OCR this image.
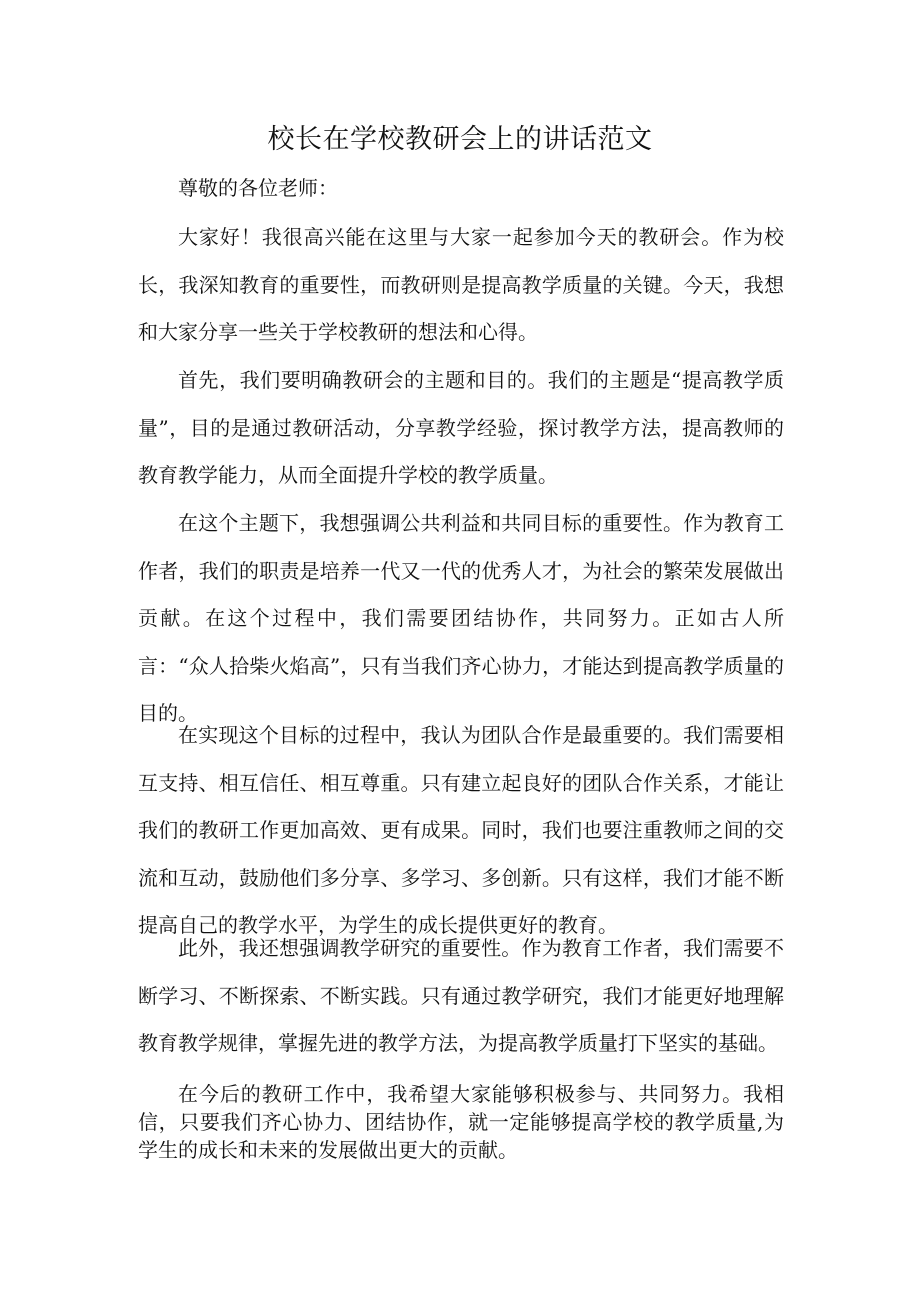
校长在学校教研会上的讲话范文

尊敬的各位老师：

大家好！我很高兴能在这里与大家一起参加今天的教研会。作为校长，我深知教育的重要性，而教研则是提高教学质量的关键。今天，我想和大家分享一些关于学校教研的想法和心得。

首先，我们要明确教研会的主题和目的。我们的主题是“提高教学质量”，目的是通过教研活动，分享教学经验，探讨教学方法，提高教师的教育教学能力，从而全面提升学校的教学质量。

在这个主题下，我想强调公共利益和共同目标的重要性。作为教育工作者，我们的职责是培养一代又一代的优秀人才，为社会的繁荣发展做出贡献。在这个过程中，我们需要团结协作，共同努力。正如古人所言：“众人拾柴火焰高”，只有当我们齐心协力，才能达到提高教学质量的目的。

在实现这个目标的过程中，我认为团队合作是最重要的。我们需要相互支持、相互信任、相互尊重。只有建立起良好的团队合作关系，才能让我们的教研工作更加高效、更有成果。同时，我们也要注重教师之间的交流和互动，鼓励他们多分享、多学习、多创新。只有这样，我们才能不断提高自己的教学水平，为学生的成长提供更好的教育。

此外，我还想强调教学研究的重要性。作为教育工作者，我们需要不断学习、不断探索、不断实践。只有通过教学研究，我们才能更好地理解教育教学规律，掌握先进的教学方法，为提高教学质量打下坚实的基础。

在今后的教研工作中，我希望大家能够积极参与、共同努力。我相信，只要我们齐心协力、团结协作，就一定能够提高学校的教学质量,为学生的成长和未来的发展做出更大的贡献。
